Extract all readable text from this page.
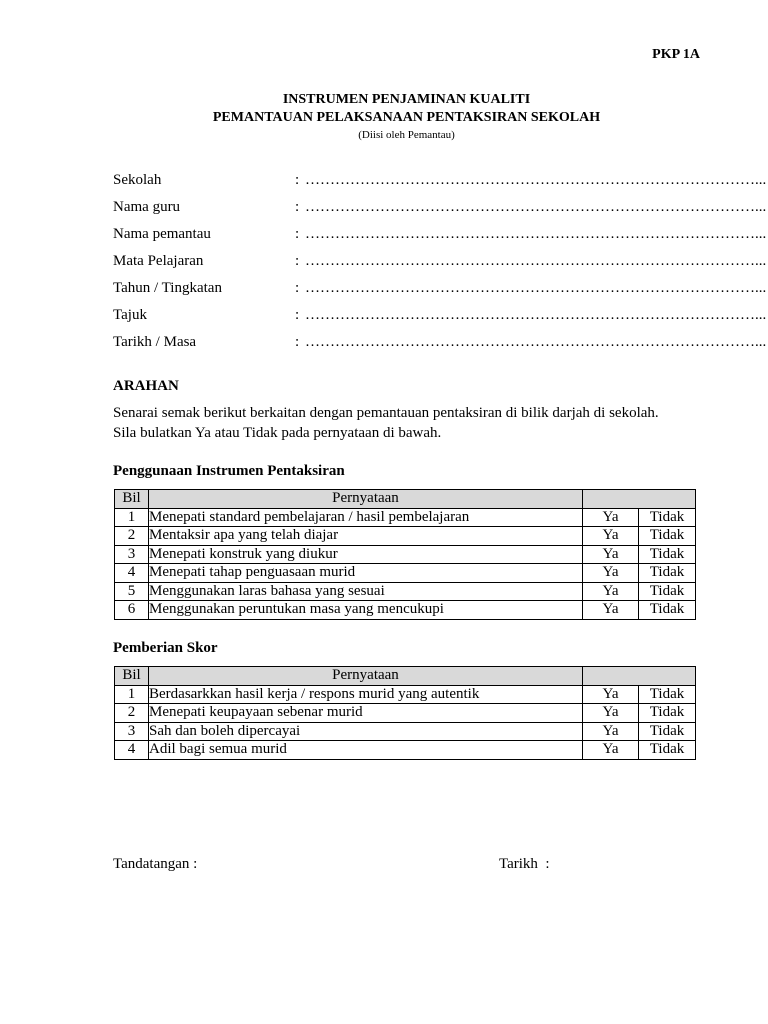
PKP 1A
INSTRUMEN PENJAMINAN KUALITI
PEMANTAUAN PELAKSANAAN PENTAKSIRAN SEKOLAH
(Diisi oleh Pemantau)
Sekolah	: ………………………………………………………………………………...
Nama guru	: ………………………………………………………………………………...
Nama pemantau	: ………………………………………………………………………………...
Mata Pelajaran	: ………………………………………………………………………………...
Tahun / Tingkatan	: ………………………………………………………………………………...
Tajuk	: ………………………………………………………………………………...
Tarikh / Masa	: ………………………………………………………………………………...
ARAHAN
Senarai semak berikut berkaitan dengan pemantauan pentaksiran di bilik darjah di sekolah.
Sila bulatkan Ya atau Tidak pada pernyataan di bawah.
Penggunaan Instrumen Pentaksiran
Bil	Pernyataan		
1	Menepati standard pembelajaran / hasil pembelajaran	Ya	Tidak
2	Mentaksir apa yang telah diajar	Ya	Tidak
3	Menepati konstruk yang diukur	Ya	Tidak
4	Menepati tahap penguasaan murid	Ya	Tidak
5	Menggunakan laras bahasa yang sesuai	Ya	Tidak
6	Menggunakan peruntukan masa yang mencukupi	Ya	Tidak
Pemberian Skor
Bil	Pernyataan		
1	Berdasarkkan hasil kerja / respons murid yang autentik	Ya	Tidak
2	Menepati keupayaan sebenar murid	Ya	Tidak
3	Sah dan boleh dipercayai	Ya	Tidak
4	Adil bagi semua murid	Ya	Tidak
Tandatangan :	Tarikh  :
